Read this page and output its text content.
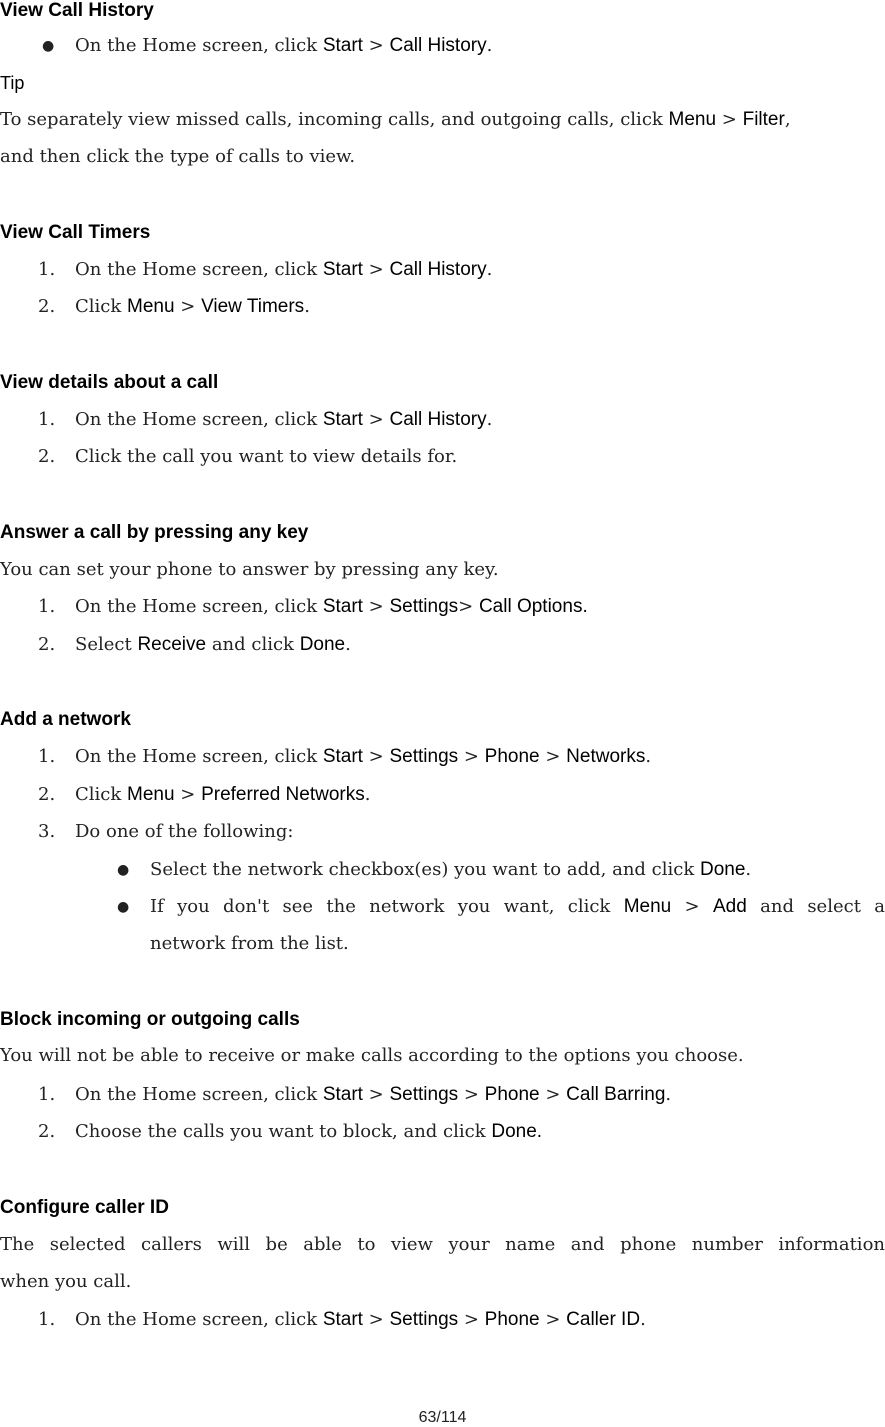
View Call History
● On the Home screen, click Start > Call History.
Tip
To separately view missed calls, incoming calls, and outgoing calls, click Menu > Filter,
and then click the type of calls to view.
View Call Timers
1. On the Home screen, click Start > Call History.
2. Click Menu > View Timers.
View details about a call
1. On the Home screen, click Start > Call History.
2. Click the call you want to view details for.
Answer a call by pressing any key
You can set your phone to answer by pressing any key.
1. On the Home screen, click Start > Settings> Call Options.
2. Select Receive and click Done.
Add a network
1. On the Home screen, click Start > Settings > Phone > Networks.
2. Click Menu > Preferred Networks.
3. Do one of the following:
● Select the network checkbox(es) you want to add, and click Done.
● If you don't see the network you want, click Menu > Add and select a
network from the list.
Block incoming or outgoing calls
You will not be able to receive or make calls according to the options you choose.
1. On the Home screen, click Start > Settings > Phone > Call Barring.
2. Choose the calls you want to block, and click Done.
Configure caller ID
The selected callers will be able to view your name and phone number information
when you call.
1. On the Home screen, click Start > Settings > Phone > Caller ID.
63/114
